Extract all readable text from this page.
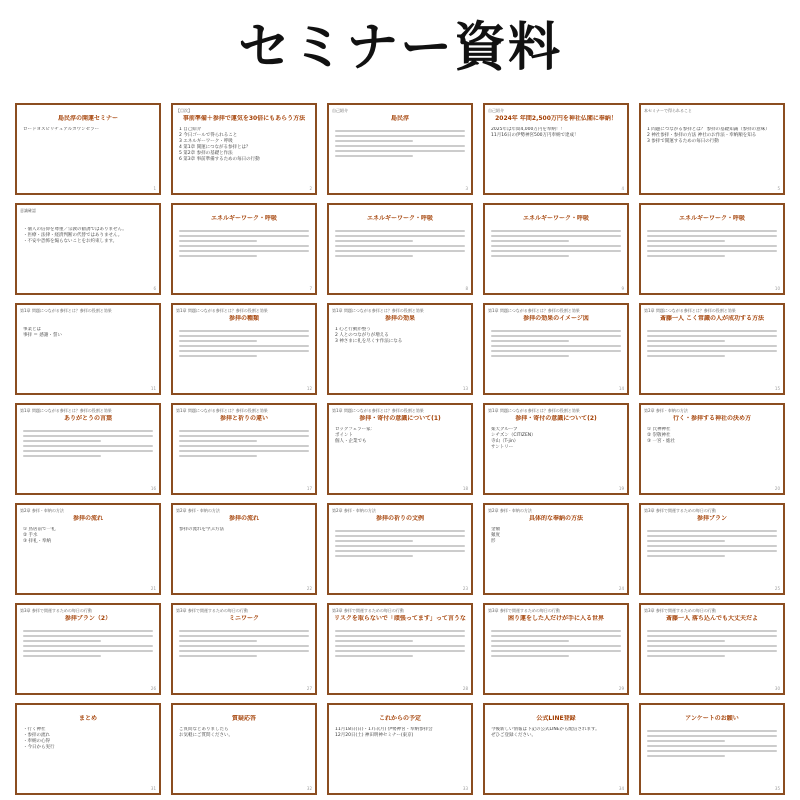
セミナー資料
島民淳の開運セミナー
ロードヨスピリチュアルカウンセラー
1
【目次】
事前準備＋参拝で運気を30倍にもあらう方法
1 自己紹介
2 今日ゴールで得られること
3 エネルギーワーク・呼吸
4 第1章 開運につながる参拝とは？
5 第2章 参拝の基礎と作法
6 第3章 事前準備するための毎日の行動
2
自己紹介
島民淳
3
自己紹介
2024年 年間2,500万円を神社仏閣に奉納！
2025年は年間4,000万円を奉納！！
11月16日の伊勢神宮500万円奉納で達成！
4
本セミナーで得られること
1 問題につながる参拝とは？ 参拝の基礎知識（参拝の意味）
2 神社参拝・参拝の方法 神社のお作法・奉納額を知る
3 参拝で開運するための毎日の行動
5
意識確認
・個人の信仰を尊重／宗教の勧誘ではありません。
・医療・法律・経済判断の代替ではありません。
・不安や恐怖を煽らないことをお約束します。
6
エネルギーワーク・呼吸
7
エネルギーワーク・呼吸
8
エネルギーワーク・呼吸
9
エネルギーワーク・呼吸
10
第1章 問題につながる参拝とは？参拝の役割と効果
事業とは
事拝 ＝ 感謝・誓い
11
第1章 問題につながる参拝とは？参拝の役割と効果
参拝の種類
12
第1章 問題につながる参拝とは？参拝の役割と効果
参拝の効果
1 心と行動が整う
2 人とのつながりが増える
3 神さまに礼を尽くす作法になる
13
第1章 問題につながる参拝とは？参拝の役割と効果
参拝の効果のイメージ図
14
第1章 問題につながる参拝とは？参拝の役割と効果
斎藤一人 こく常識の人が成功する方法
15
第1章 問題につながる参拝とは？参拝の役割と効果
ありがとうの言葉
16
第1章 問題につながる参拝とは？参拝の役割と効果
参拝と祈りの違い
17
第1章 問題につながる参拝とは？参拝の役割と効果
参拝・寄付の意識について(1)
ロックフェラー家：
ポイント
個人・企業でも
18
第1章 問題につながる参拝とは？参拝の役割と効果
参拝・寄付の意識について(2)
楽天グループ
シチズン（CITIZEN）
寺山（T-jin）
サントリー
19
第2章 参拝・奉納の方法
行く・参拝する神社の決め方
① 氏神神社
② 崇敬神社
③ 一宮・総社
20
第2章 参拝・奉納の方法
参拝の流れ
① 鳥居前で一礼
② 手水
③ 拝礼・奉納
21
第2章 参拝・奉納の方法
参拝の流れ
参拝の流れを学ぶ方法
22
第2章 参拝・奉納の方法
参拝の祈りの文例
23
第2章 参拝・奉納の方法
具体的な奉納の方法
金額
頻度
形
24
第3章 参拝で開運するための毎日の行動
参拝プラン
25
第3章 参拝で開運するための毎日の行動
参拝プラン（2）
26
第3章 参拝で開運するための毎日の行動
ミニワーク
27
第3章 参拝で開運するための毎日の行動
リスクを取らないで「頑張ってます」って言うな
28
第3章 参拝で開運するための毎日の行動
困り運をした人だけが手に入る世界
29
第3章 参拝で開運するための毎日の行動
斎藤一人 落ち込んでも大丈夫だよ
30
まとめ
・行く神社
・参拝の流れ
・奉納の心得
・今日から実行
31
質疑応答
ご質問などありましたら
お気軽にご質問ください。
32
これからの予定
11月18日(日)・17日(月) 伊勢神宮・奉納参拝会
12月20日(土) 神田明神セミナー(東京)
33
公式LINE登録
今後新しい情報は下記の公式LINEから配信されます。
ぜひご登録ください。
34
アンケートのお願い
35
